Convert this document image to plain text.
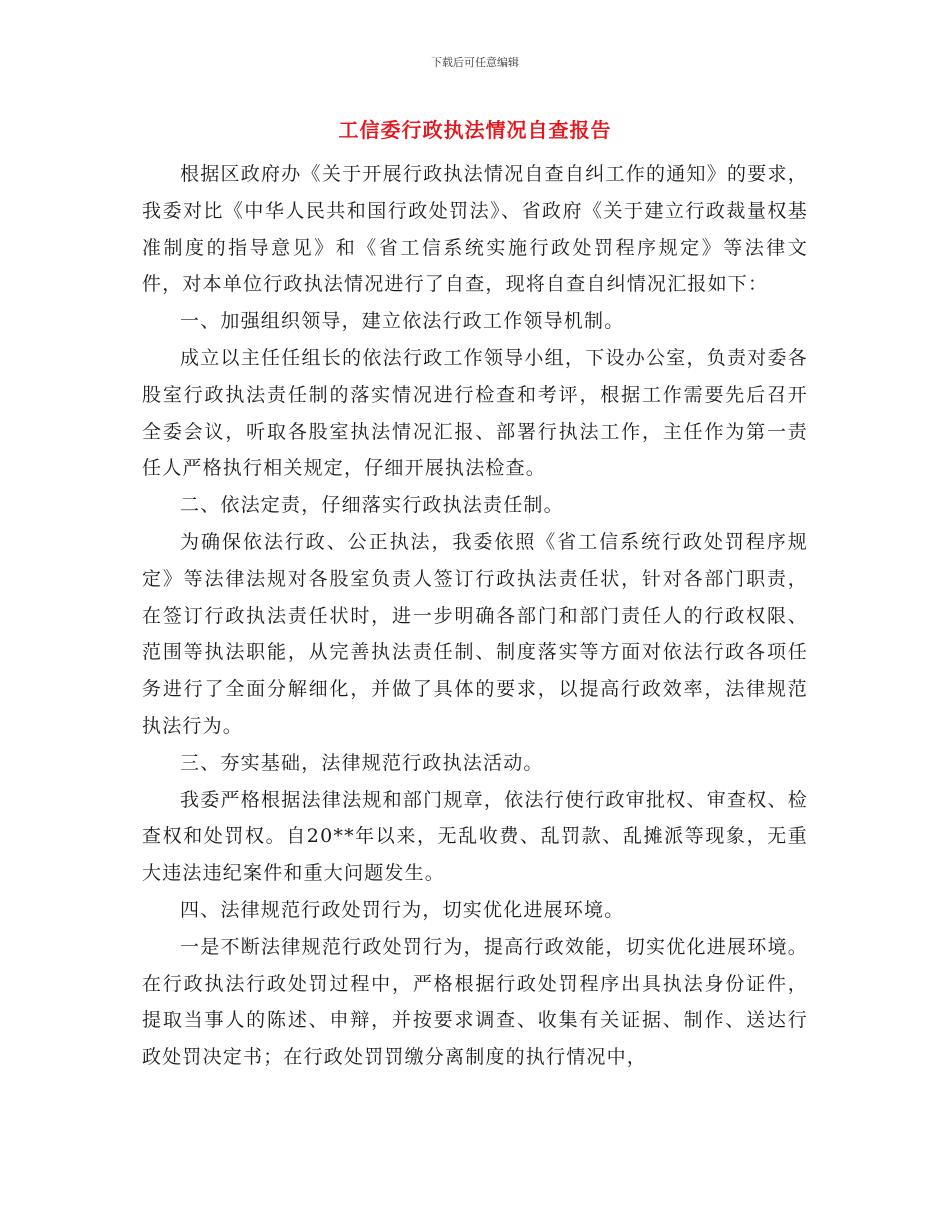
下载后可任意编辑
工信委行政执法情况自查报告

根据区政府办《关于开展行政执法情况自查自纠工作的通知》的要求，我委对比《中华人民共和国行政处罚法》、省政府《关于建立行政裁量权基准制度的指导意见》和《省工信系统实施行政处罚程序规定》等法律文件，对本单位行政执法情况进行了自查，现将自查自纠情况汇报如下：

一、加强组织领导，建立依法行政工作领导机制。

成立以主任任组长的依法行政工作领导小组，下设办公室，负责对委各股室行政执法责任制的落实情况进行检查和考评，根据工作需要先后召开全委会议，听取各股室执法情况汇报、部署行执法工作，主任作为第一责任人严格执行相关规定，仔细开展执法检查。

二、依法定责，仔细落实行政执法责任制。

为确保依法行政、公正执法，我委依照《省工信系统行政处罚程序规定》等法律法规对各股室负责人签订行政执法责任状，针对各部门职责，在签订行政执法责任状时，进一步明确各部门和部门责任人的行政权限、范围等执法职能，从完善执法责任制、制度落实等方面对依法行政各项任务进行了全面分解细化，并做了具体的要求，以提高行政效率，法律规范执法行为。

三、夯实基础，法律规范行政执法活动。

我委严格根据法律法规和部门规章，依法行使行政审批权、审查权、检查权和处罚权。自20**年以来，无乱收费、乱罚款、乱摊派等现象，无重大违法违纪案件和重大问题发生。

四、法律规范行政处罚行为，切实优化进展环境。

一是不断法律规范行政处罚行为，提高行政效能，切实优化进展环境。在行政执法行政处罚过程中，严格根据行政处罚程序出具执法身份证件，提取当事人的陈述、申辩，并按要求调查、收集有关证据、制作、送达行政处罚决定书；在行政处罚罚缴分离制度的执行情况中，
